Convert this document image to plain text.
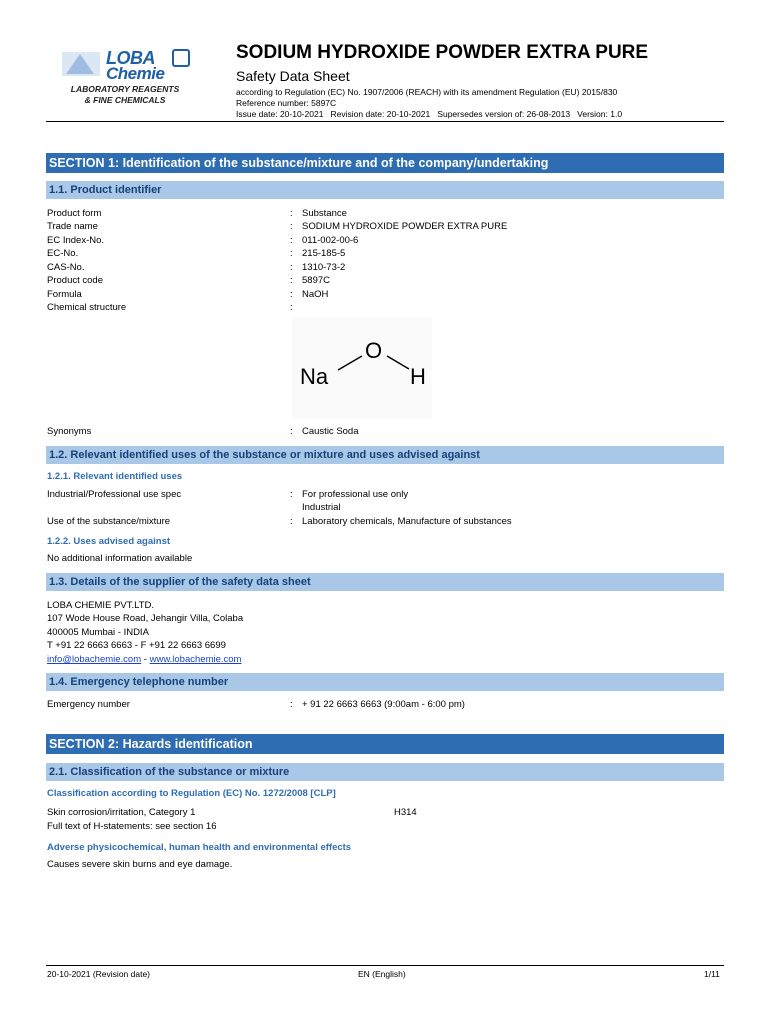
LOBA
Chemie
LABORATORY REAGENTS
& FINE CHEMICALS
SODIUM HYDROXIDE POWDER EXTRA PURE
Safety Data Sheet
according to Regulation (EC) No. 1907/2006 (REACH) with its amendment Regulation (EU) 2015/830
Reference number: 5897C
Issue date: 20-10-2021   Revision date: 20-10-2021   Supersedes version of: 26-08-2013   Version: 1.0
SECTION 1: Identification of the substance/mixture and of the company/undertaking
1.1. Product identifier
Product form	: Substance
Trade name	: SODIUM HYDROXIDE POWDER EXTRA PURE
EC Index-No.	: 011-002-00-6
EC-No.	: 215-185-5
CAS-No.	: 1310-73-2
Product code	: 5897C
Formula	: NaOH
Chemical structure	:
Na
O
H
Synonyms	: Caustic Soda
1.2. Relevant identified uses of the substance or mixture and uses advised against
1.2.1. Relevant identified uses
Industrial/Professional use spec	: For professional use only
Industrial
Use of the substance/mixture	: Laboratory chemicals, Manufacture of substances
1.2.2. Uses advised against
No additional information available
1.3. Details of the supplier of the safety data sheet
LOBA CHEMIE PVT.LTD.
107 Wode House Road, Jehangir Villa, Colaba
400005 Mumbai - INDIA
T +91 22 6663 6663 - F +91 22 6663 6699
info@lobachemie.com - www.lobachemie.com
1.4. Emergency telephone number
Emergency number	: + 91 22 6663 6663 (9:00am - 6:00 pm)
SECTION 2: Hazards identification
2.1. Classification of the substance or mixture
Classification according to Regulation (EC) No. 1272/2008 [CLP]
Skin corrosion/irritation, Category 1	H314
Full text of H-statements: see section 16
Adverse physicochemical, human health and environmental effects
Causes severe skin burns and eye damage.
20-10-2021 (Revision date)	EN (English)	1/11
